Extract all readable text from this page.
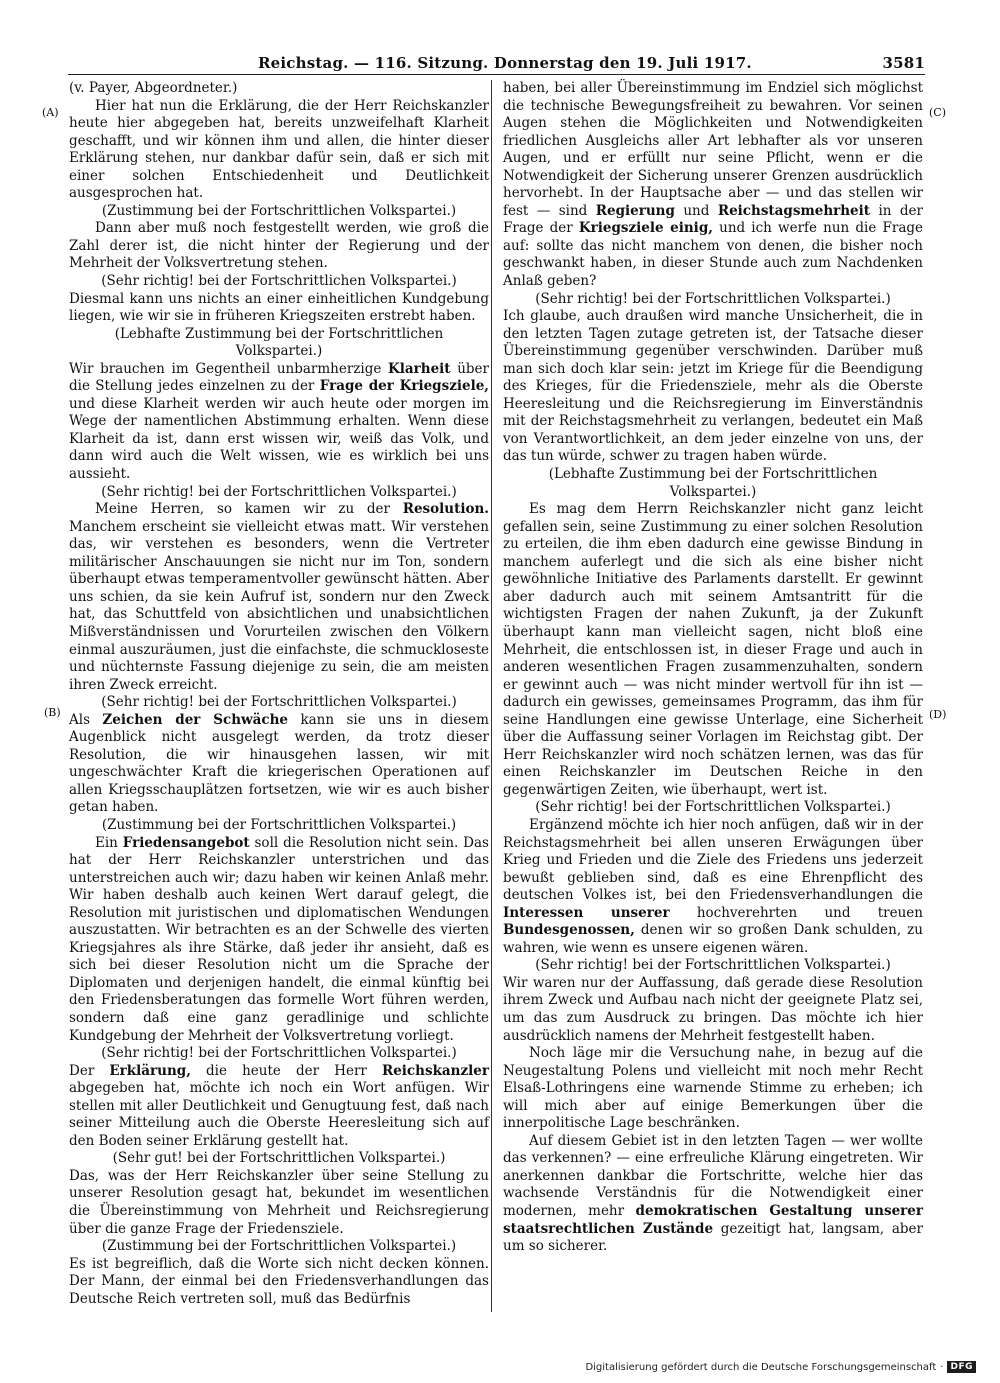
Reichstag. — 116. Sitzung. Donnerstag den 19. Juli 1917.	3581
(A)
(B)
(C)
(D)

(v. Payer, Abgeordneter.)

Hier hat nun die Erklärung, die der Herr Reichskanzler heute hier abgegeben hat, bereits unzweifelhaft Klarheit geschafft, und wir können ihm und allen, die hinter dieser Erklärung stehen, nur dankbar dafür sein, daß er sich mit einer solchen Entschiedenheit und Deutlichkeit ausgesprochen hat.

(Zustimmung bei der Fortschrittlichen Volkspartei.)

Dann aber muß noch festgestellt werden, wie groß die Zahl derer ist, die nicht hinter der Regierung und der Mehrheit der Volksvertretung stehen.

(Sehr richtig! bei der Fortschrittlichen Volkspartei.)

Diesmal kann uns nichts an einer einheitlichen Kundgebung liegen, wie wir sie in früheren Kriegszeiten erstrebt haben.

(Lebhafte Zustimmung bei der Fortschrittlichen Volkspartei.)

Wir brauchen im Gegentheil unbarmherzige Klarheit über die Stellung jedes einzelnen zu der Frage der Kriegsziele, und diese Klarheit werden wir auch heute oder morgen im Wege der namentlichen Abstimmung erhalten. Wenn diese Klarheit da ist, dann erst wissen wir, weiß das Volk, und dann wird auch die Welt wissen, wie es wirklich bei uns aussieht.

(Sehr richtig! bei der Fortschrittlichen Volkspartei.)

Meine Herren, so kamen wir zu der Resolution. Manchem erscheint sie vielleicht etwas matt. Wir verstehen das, wir verstehen es besonders, wenn die Vertreter militärischer Anschauungen sie nicht nur im Ton, sondern überhaupt etwas temperamentvoller gewünscht hätten. Aber uns schien, da sie kein Aufruf ist, sondern nur den Zweck hat, das Schuttfeld von absichtlichen und unabsichtlichen Mißverständnissen und Vorurteilen zwischen den Völkern einmal auszuräumen, just die einfachste, die schmuckloseste und nüchternste Fassung diejenige zu sein, die am meisten ihren Zweck erreicht.

(Sehr richtig! bei der Fortschrittlichen Volkspartei.)

Als Zeichen der Schwäche kann sie uns in diesem Augenblick nicht ausgelegt werden, da trotz dieser Resolution, die wir hinausgehen lassen, wir mit ungeschwächter Kraft die kriegerischen Operationen auf allen Kriegsschauplätzen fortsetzen, wie wir es auch bisher getan haben.

(Zustimmung bei der Fortschrittlichen Volkspartei.)

Ein Friedensangebot soll die Resolution nicht sein. Das hat der Herr Reichskanzler unterstrichen und das unterstreichen auch wir; dazu haben wir keinen Anlaß mehr. Wir haben deshalb auch keinen Wert darauf gelegt, die Resolution mit juristischen und diplomatischen Wendungen auszustatten. Wir betrachten es an der Schwelle des vierten Kriegsjahres als ihre Stärke, daß jeder ihr ansieht, daß es sich bei dieser Resolution nicht um die Sprache der Diplomaten und derjenigen handelt, die einmal künftig bei den Friedensberatungen das formelle Wort führen werden, sondern daß eine ganz geradlinige und schlichte Kundgebung der Mehrheit der Volksvertretung vorliegt.

(Sehr richtig! bei der Fortschrittlichen Volkspartei.)

Der Erklärung, die heute der Herr Reichskanzler abgegeben hat, möchte ich noch ein Wort anfügen. Wir stellen mit aller Deutlichkeit und Genugtuung fest, daß nach seiner Mitteilung auch die Oberste Heeresleitung sich auf den Boden seiner Erklärung gestellt hat.

(Sehr gut! bei der Fortschrittlichen Volkspartei.)

Das, was der Herr Reichskanzler über seine Stellung zu unserer Resolution gesagt hat, bekundet im wesentlichen die Übereinstimmung von Mehrheit und Reichsregierung über die ganze Frage der Friedensziele.

(Zustimmung bei der Fortschrittlichen Volkspartei.)

Es ist begreiflich, daß die Worte sich nicht decken können. Der Mann, der einmal bei den Friedensverhandlungen das Deutsche Reich vertreten soll, muß das Bedürfnis

haben, bei aller Übereinstimmung im Endziel sich möglichst die technische Bewegungsfreiheit zu bewahren. Vor seinen Augen stehen die Möglichkeiten und Notwendigkeiten friedlichen Ausgleichs aller Art lebhafter als vor unseren Augen, und er erfüllt nur seine Pflicht, wenn er die Notwendigkeit der Sicherung unserer Grenzen ausdrücklich hervorhebt. In der Hauptsache aber — und das stellen wir fest — sind Regierung und Reichstagsmehrheit in der Frage der Kriegsziele einig, und ich werfe nun die Frage auf: sollte das nicht manchem von denen, die bisher noch geschwankt haben, in dieser Stunde auch zum Nachdenken Anlaß geben?

(Sehr richtig! bei der Fortschrittlichen Volkspartei.)

Ich glaube, auch draußen wird manche Unsicherheit, die in den letzten Tagen zutage getreten ist, der Tatsache dieser Übereinstimmung gegenüber verschwinden. Darüber muß man sich doch klar sein: jetzt im Kriege für die Beendigung des Krieges, für die Friedensziele, mehr als die Oberste Heeresleitung und die Reichsregierung im Einverständnis mit der Reichstagsmehrheit zu verlangen, bedeutet ein Maß von Verantwortlichkeit, an dem jeder einzelne von uns, der das tun würde, schwer zu tragen haben würde.

(Lebhafte Zustimmung bei der Fortschrittlichen Volkspartei.)

Es mag dem Herrn Reichskanzler nicht ganz leicht gefallen sein, seine Zustimmung zu einer solchen Resolution zu erteilen, die ihm eben dadurch eine gewisse Bindung in manchem auferlegt und die sich als eine bisher nicht gewöhnliche Initiative des Parlaments darstellt. Er gewinnt aber dadurch auch mit seinem Amtsantritt für die wichtigsten Fragen der nahen Zukunft, ja der Zukunft überhaupt kann man vielleicht sagen, nicht bloß eine Mehrheit, die entschlossen ist, in dieser Frage und auch in anderen wesentlichen Fragen zusammenzuhalten, sondern er gewinnt auch — was nicht minder wertvoll für ihn ist — dadurch ein gewisses, gemeinsames Programm, das ihm für seine Handlungen eine gewisse Unterlage, eine Sicherheit über die Auffassung seiner Vorlagen im Reichstag gibt. Der Herr Reichskanzler wird noch schätzen lernen, was das für einen Reichskanzler im Deutschen Reiche in den gegenwärtigen Zeiten, wie überhaupt, wert ist.

(Sehr richtig! bei der Fortschrittlichen Volkspartei.)

Ergänzend möchte ich hier noch anfügen, daß wir in der Reichstagsmehrheit bei allen unseren Erwägungen über Krieg und Frieden und die Ziele des Friedens uns jederzeit bewußt geblieben sind, daß es eine Ehrenpflicht des deutschen Volkes ist, bei den Friedensverhandlungen die Interessen unserer hochverehrten und treuen Bundesgenossen, denen wir so großen Dank schulden, zu wahren, wie wenn es unsere eigenen wären.

(Sehr richtig! bei der Fortschrittlichen Volkspartei.)

Wir waren nur der Auffassung, daß gerade diese Resolution ihrem Zweck und Aufbau nach nicht der geeignete Platz sei, um das zum Ausdruck zu bringen. Das möchte ich hier ausdrücklich namens der Mehrheit festgestellt haben.

Noch läge mir die Versuchung nahe, in bezug auf die Neugestaltung Polens und vielleicht mit noch mehr Recht Elsaß-Lothringens eine warnende Stimme zu erheben; ich will mich aber auf einige Bemerkungen über die innerpolitische Lage beschränken.

Auf diesem Gebiet ist in den letzten Tagen — wer wollte das verkennen? — eine erfreuliche Klärung eingetreten. Wir anerkennen dankbar die Fortschritte, welche hier das wachsende Verständnis für die Notwendigkeit einer modernen, mehr demokratischen Gestaltung unserer staatsrechtlichen Zustände gezeitigt hat, langsam, aber um so sicherer.

Digitalisierung gefördert durch die Deutsche Forschungsgemeinschaft · DFG
